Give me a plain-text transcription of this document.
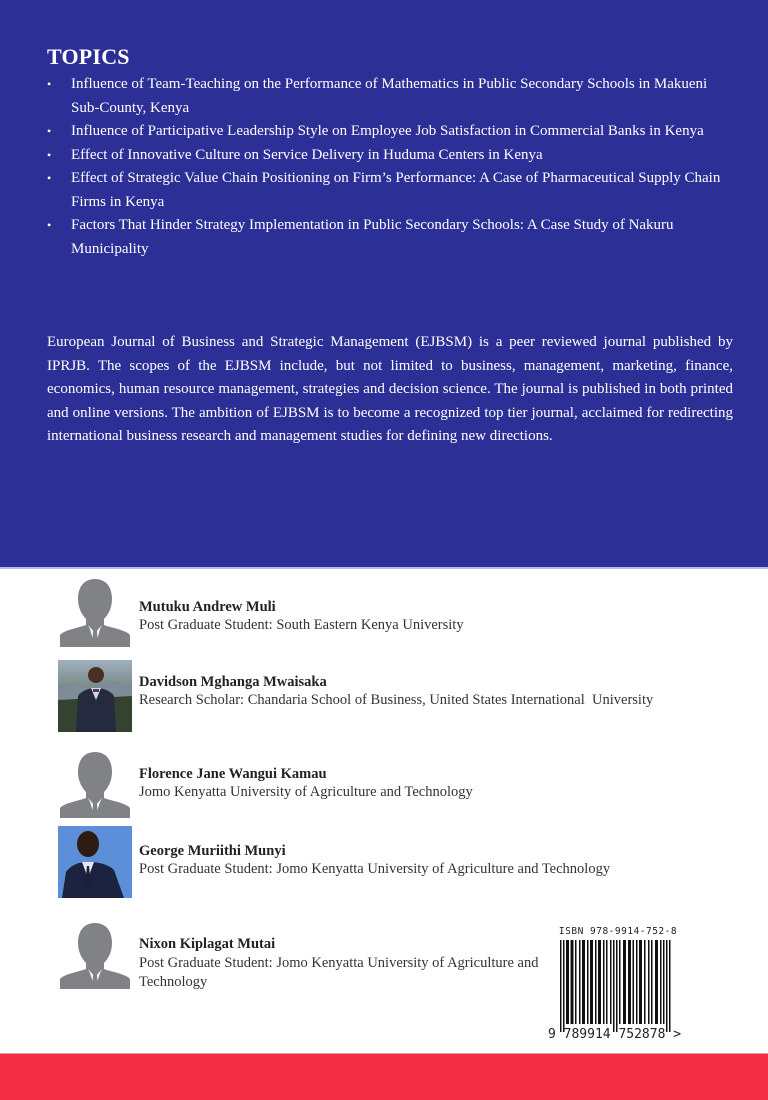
TOPICS
•	Influence of Team-Teaching on the Performance of Mathematics in Public Secondary Schools in Makueni Sub-County, Kenya
•	Influence of Participative Leadership Style on Employee Job Satisfaction in Commercial Banks in Kenya
•	Effect of Innovative Culture on Service Delivery in Huduma Centers in Kenya
•	Effect of Strategic Value Chain Positioning on Firm’s Performance: A Case of Pharmaceutical Supply Chain Firms in Kenya
•	Factors That Hinder Strategy Implementation in Public Secondary Schools: A Case Study of Nakuru Municipality

European Journal of Business and Strategic Management (EJBSM) is a peer reviewed journal published by IPRJB. The scopes of the EJBSM include, but not limited to business, management, marketing, finance, economics, human resource management, strategies and decision science. The journal is published in both printed and online versions. The ambition of EJBSM is to become a recognized top tier journal, acclaimed for redirecting international business research and management studies for defining new directions.

Mutuku Andrew Muli
Post Graduate Student: South Eastern Kenya University
Davidson Mghanga Mwaisaka
Research Scholar: Chandaria School of Business, United States International  University
Florence Jane Wangui Kamau
Jomo Kenyatta University of Agriculture and Technology
George Muriithi Munyi
Post Graduate Student: Jomo Kenyatta University of Agriculture and Technology
Nixon Kiplagat Mutai
Post Graduate Student: Jomo Kenyatta University of Agriculture and Technology
ISBN 978-9914-752-8
9 789914 752878 >
